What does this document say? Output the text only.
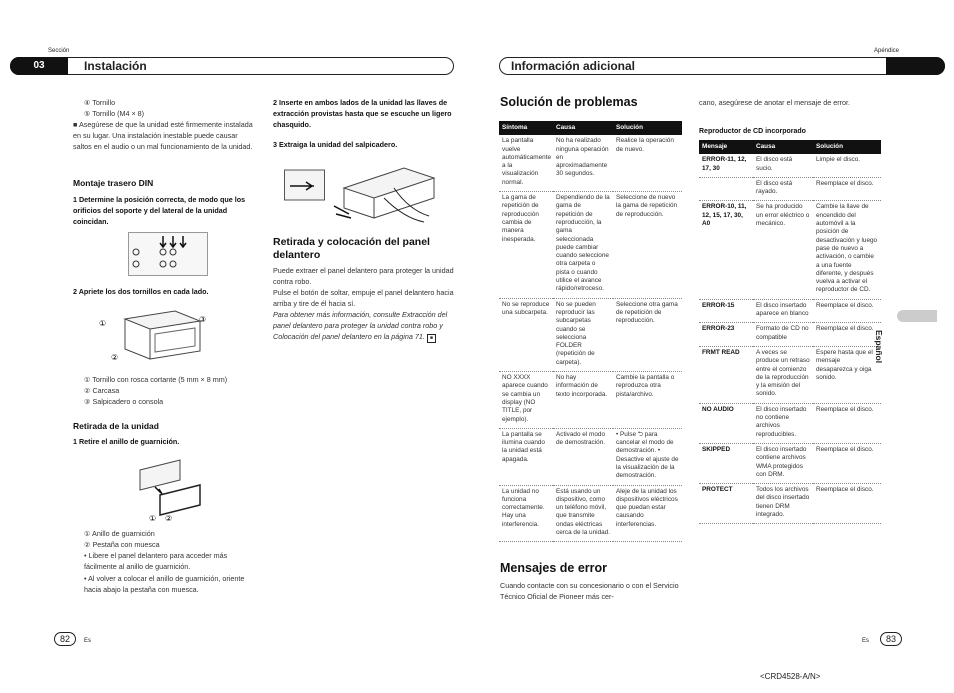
Sección	Apéndice
03	Instalación	Información adicional
④ Tornillo
⑤ Tornillo (M4 × 8)
■ Asegúrese de que la unidad esté firmemente instalada en su lugar. Una instalación inestable puede causar saltos en el audio o un mal funcionamiento de la unidad.
Montaje trasero DIN
1 Determine la posición correcta, de modo que los orificios del soporte y del lateral de la unidad coincidan.
2 Apriete los dos tornillos en cada lado.
①	③
②
① Tornillo con rosca cortante (5 mm × 8 mm)
② Carcasa
③ Salpicadero o consola
Retirada de la unidad
1 Retire el anillo de guarnición.
① ②
① Anillo de guarnición
② Pestaña con muesca
• Libere el panel delantero para acceder más fácilmente al anillo de guarnición.
• Al volver a colocar el anillo de guarnición, oriente hacia abajo la pestaña con muesca.
2 Inserte en ambos lados de la unidad las llaves de extracción provistas hasta que se escuche un ligero chasquido.
3 Extraiga la unidad del salpicadero.
Retirada y colocación del panel delantero
Puede extraer el panel delantero para proteger la unidad contra robo.
Pulse el botón de soltar, empuje el panel delantero hacia arriba y tire de él hacia sí.
Para obtener más información, consulte Extracción del panel delantero para proteger la unidad contra robo y Colocación del panel delantero en la página 71. ■
Solución de problemas
Síntoma	Causa	Solución
La pantalla vuelve automáticamente a la visualización normal.	No ha realizado ninguna operación en aproximadamente 30 segundos.	Realice la operación de nuevo.
La gama de repetición de reproducción cambia de manera inesperada.	Dependiendo de la gama de repetición de reproducción, la gama seleccionada puede cambiar cuando seleccione otra carpeta o pista o cuando utilice el avance rápido/retroceso.	Seleccione de nuevo la gama de repetición de reproducción.
No se reproduce una subcarpeta.	No se pueden reproducir las subcarpetas cuando se selecciona FOLDER (repetición de carpeta).	Seleccione otra gama de repetición de reproducción.
NO XXXX aparece cuando se cambia un display (NO TITLE, por ejemplo).	No hay información de texto incorporada.	Cambie la pantalla o reproduzca otra pista/archivo.
La pantalla se ilumina cuando la unidad está apagada.	Activado el modo de demostración.	• Pulse ⮌ para cancelar el modo de demostración. • Desactive el ajuste de la visualización de la demostración.
La unidad no funciona correctamente. Hay una interferencia.	Está usando un dispositivo, como un teléfono móvil, que transmite ondas eléctricas cerca de la unidad.	Aleje de la unidad los dispositivos eléctricos que puedan estar causando interferencias.
Mensajes de error
Cuando contacte con su concesionario o con el Servicio Técnico Oficial de Pioneer más cer-
cano, asegúrese de anotar el mensaje de error.
Reproductor de CD incorporado
Mensaje	Causa	Solución
ERROR-11, 12, 17, 30	El disco está sucio.	Limpie el disco.
	El disco está rayado.	Reemplace el disco.
ERROR-10, 11, 12, 15, 17, 30, A0	Se ha producido un error eléctrico o mecánico.	Cambie la llave de encendido del automóvil a la posición de desactivación y luego pase de nuevo a activación, o cambie a una fuente diferente, y después vuelva a activar el reproductor de CD.
ERROR-15	El disco insertado aparece en blanco	Reemplace el disco.
ERROR-23	Formato de CD no compatible	Reemplace el disco.
FRMT READ	A veces se produce un retraso entre el comienzo de la reproducción y la emisión del sonido.	Espere hasta que el mensaje desaparezca y oiga sonido.
NO AUDIO	El disco insertado no contiene archivos reproducibles.	Reemplace el disco.
SKIPPED	El disco insertado contiene archivos WMA protegidos con DRM.	Reemplace el disco.
PROTECT	Todos los archivos del disco insertado tienen DRM integrado.	Reemplace el disco.
Español
82	Es	Es	83
<CRD4528-A/N>
